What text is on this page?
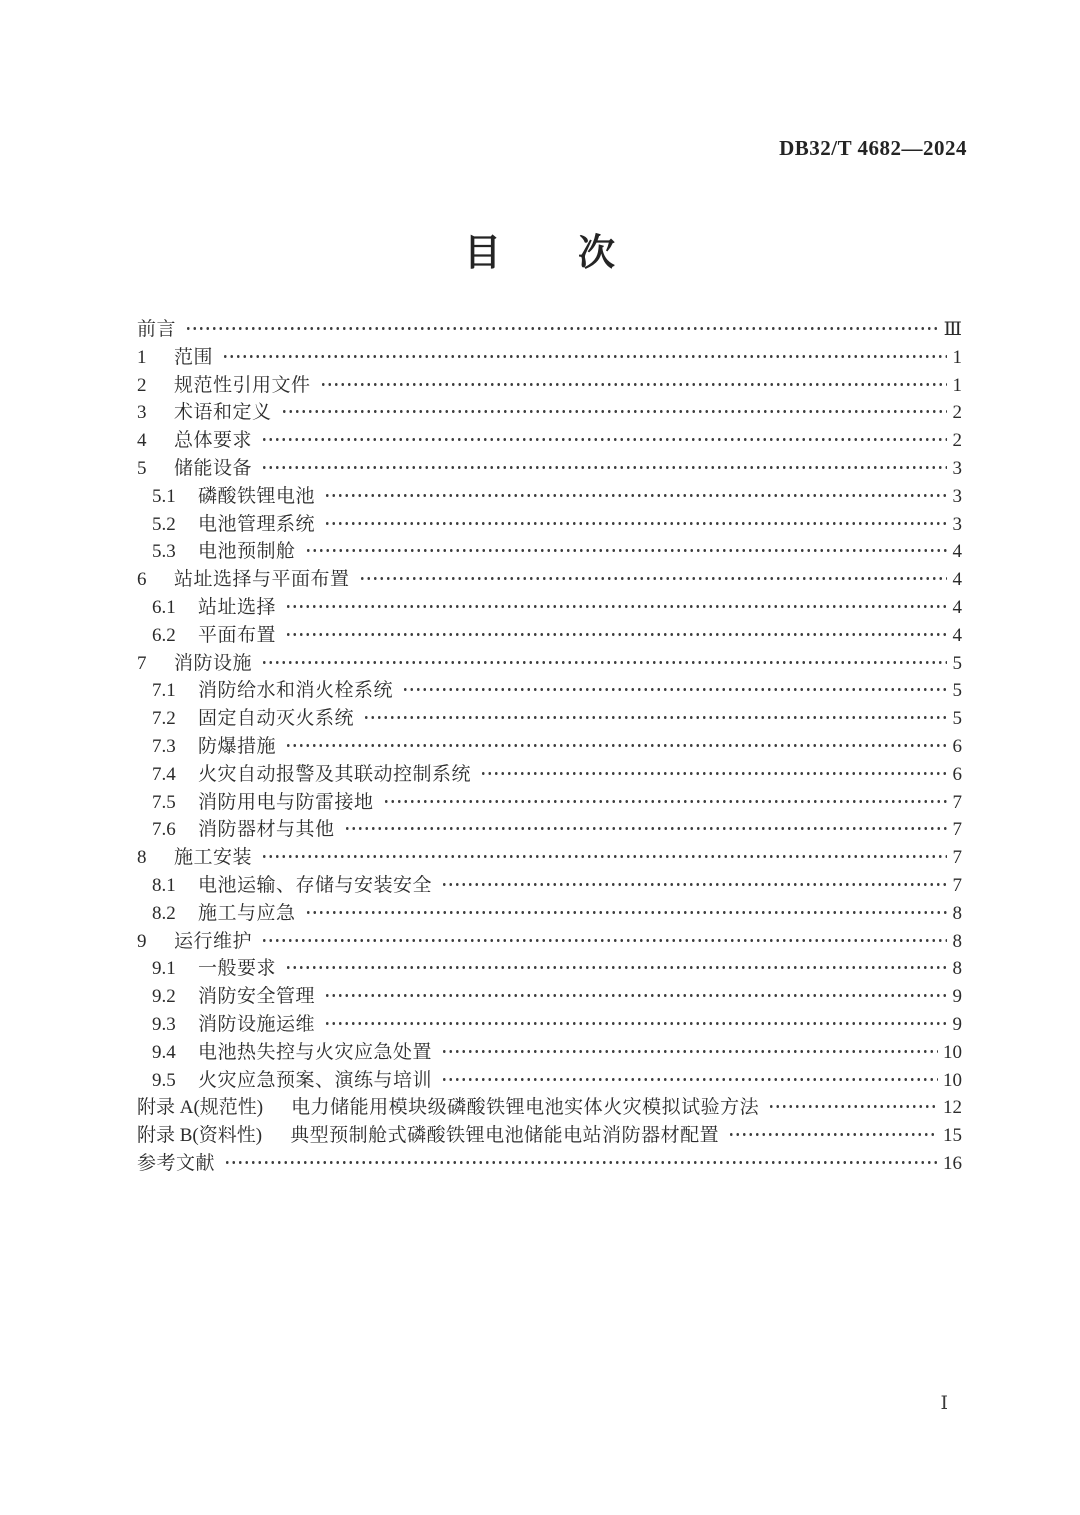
DB32/T 4682—2024
目　　次
前言	Ⅲ
1	范围	1
2	规范性引用文件	1
3	术语和定义	2
4	总体要求	2
5	储能设备	3
5.1	磷酸铁锂电池	3
5.2	电池管理系统	3
5.3	电池预制舱	4
6	站址选择与平面布置	4
6.1	站址选择	4
6.2	平面布置	4
7	消防设施	5
7.1	消防给水和消火栓系统	5
7.2	固定自动灭火系统	5
7.3	防爆措施	6
7.4	火灾自动报警及其联动控制系统	6
7.5	消防用电与防雷接地	7
7.6	消防器材与其他	7
8	施工安装	7
8.1	电池运输、存储与安装安全	7
8.2	施工与应急	8
9	运行维护	8
9.1	一般要求	8
9.2	消防安全管理	9
9.3	消防设施运维	9
9.4	电池热失控与火灾应急处置	10
9.5	火灾应急预案、演练与培训	10
附录 A(规范性) 电力储能用模块级磷酸铁锂电池实体火灾模拟试验方法	12
附录 B(资料性) 典型预制舱式磷酸铁锂电池储能电站消防器材配置	15
参考文献	16
Ⅰ
